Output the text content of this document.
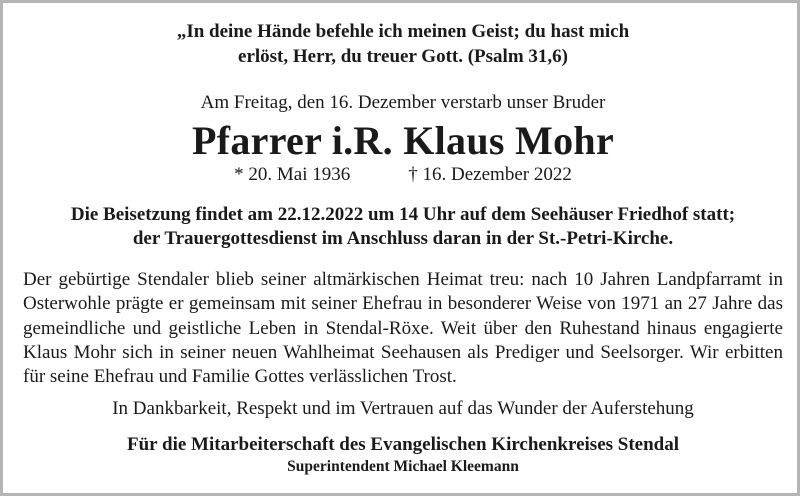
„In deine Hände befehle ich meinen Geist; du hast mich
erlöst, Herr, du treuer Gott. (Psalm 31,6)
Am Freitag, den 16. Dezember verstarb unser Bruder
Pfarrer i.R. Klaus Mohr
* 20. Mai 1936	† 16. Dezember 2022
Die Beisetzung findet am 22.12.2022 um 14 Uhr auf dem Seehäuser Friedhof statt;
der Trauergottesdienst im Anschluss daran in der St.-Petri-Kirche.
Der gebürtige Stendaler blieb seiner altmärkischen Heimat treu: nach 10 Jahren Landpfarramt in Osterwohle prägte er gemeinsam mit seiner Ehefrau in besonderer Weise von 1971 an 27 Jahre das gemeindliche und geistliche Leben in Stendal-Röxe. Weit über den Ruhestand hinaus engagierte Klaus Mohr sich in seiner neuen Wahlheimat Seehausen als Prediger und Seelsorger. Wir erbitten für seine Ehefrau und Familie Gottes verlässlichen Trost.
In Dankbarkeit, Respekt und im Vertrauen auf das Wunder der Auferstehung
Für die Mitarbeiterschaft des Evangelischen Kirchenkreises Stendal
Superintendent Michael Kleemann
